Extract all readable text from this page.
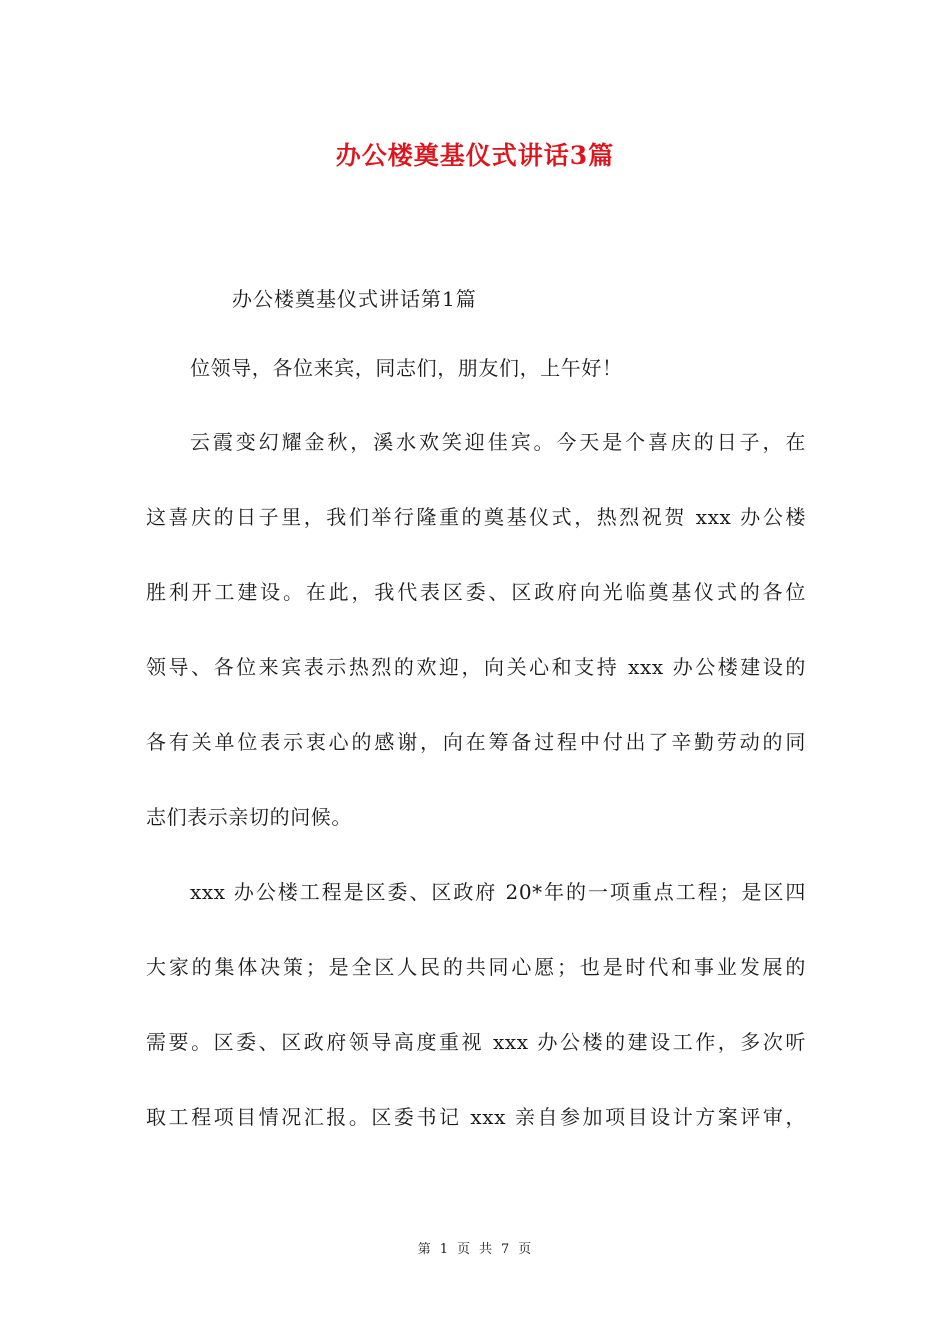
办公楼奠基仪式讲话3篇
办公楼奠基仪式讲话第1篇
位领导，各位来宾，同志们，朋友们，上午好！
云霞变幻耀金秋，溪水欢笑迎佳宾。今天是个喜庆的日子，在
这喜庆的日子里，我们举行隆重的奠基仪式，热烈祝贺 xxx 办公楼
胜利开工建设。在此，我代表区委、区政府向光临奠基仪式的各位
领导、各位来宾表示热烈的欢迎，向关心和支持 xxx 办公楼建设的
各有关单位表示衷心的感谢，向在筹备过程中付出了辛勤劳动的同
志们表示亲切的问候。
xxx 办公楼工程是区委、区政府 20*年的一项重点工程；是区四
大家的集体决策；是全区人民的共同心愿；也是时代和事业发展的
需要。区委、区政府领导高度重视 xxx 办公楼的建设工作，多次听
取工程项目情况汇报。区委书记 xxx 亲自参加项目设计方案评审，
第 1 页 共 7 页
